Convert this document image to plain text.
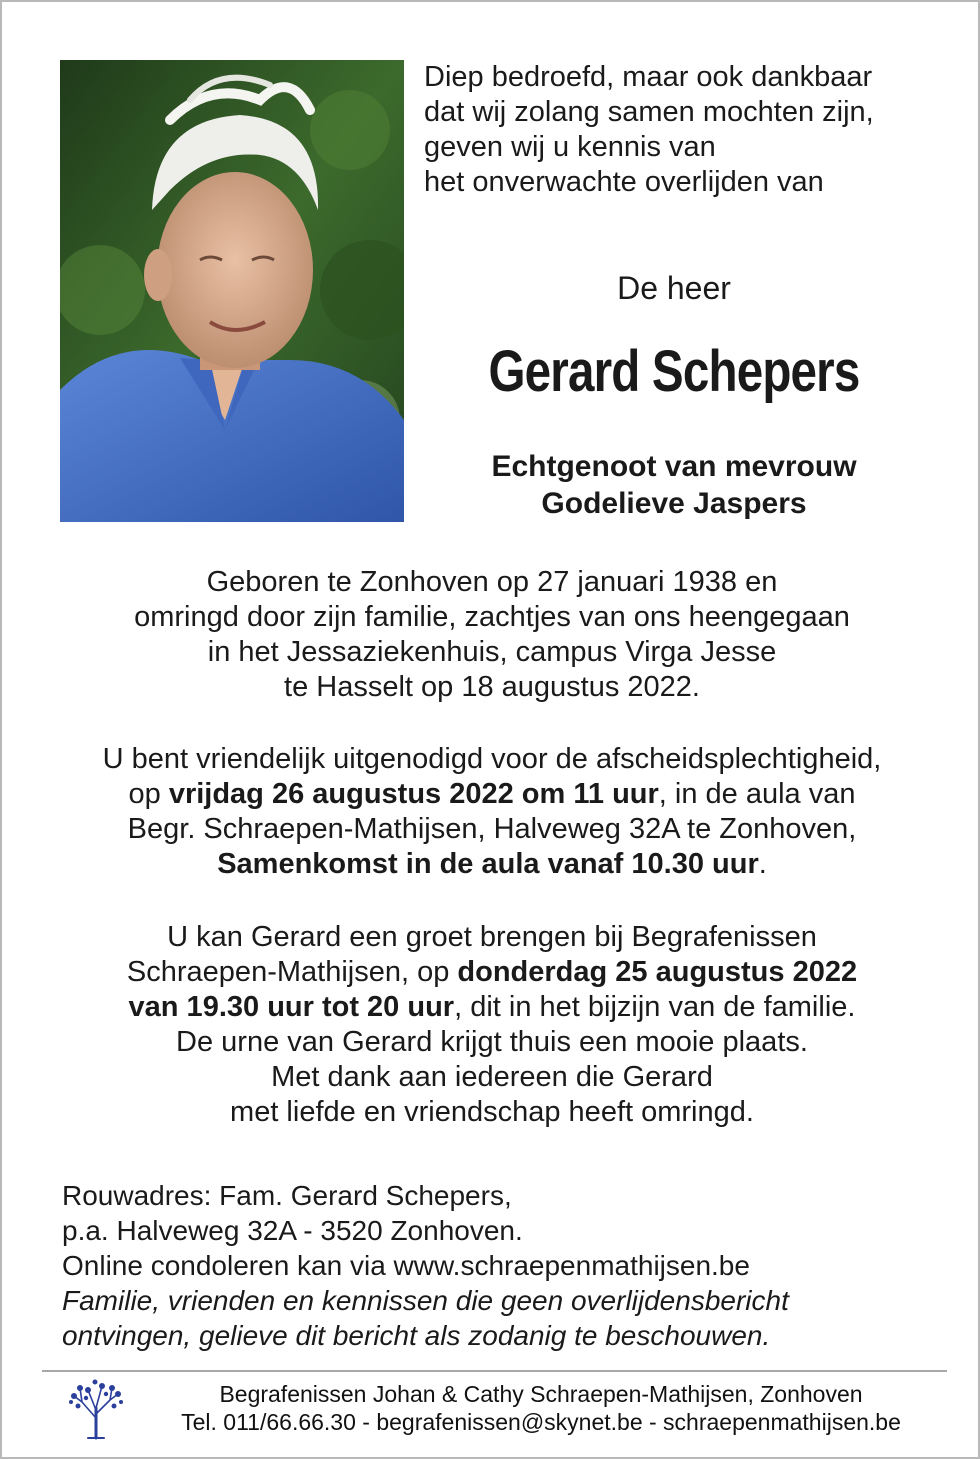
Diep bedroefd, maar ook dankbaar
dat wij zolang samen mochten zijn,
geven wij u kennis van
het onverwachte overlijden van
De heer
Gerard Schepers
Echtgenoot van mevrouw
Godelieve Jaspers
Geboren te Zonhoven op 27 januari 1938 en
omringd door zijn familie, zachtjes van ons heengegaan
in het Jessaziekenhuis, campus Virga Jesse
te Hasselt op 18 augustus 2022.
U bent vriendelijk uitgenodigd voor de afscheidsplechtigheid,
op vrijdag 26 augustus 2022 om 11 uur, in de aula van
Begr. Schraepen-Mathijsen, Halveweg 32A te Zonhoven,
Samenkomst in de aula vanaf 10.30 uur.
U kan Gerard een groet brengen bij Begrafenissen
Schraepen-Mathijsen, op donderdag 25 augustus 2022
van 19.30 uur tot 20 uur, dit in het bijzijn van de familie.
De urne van Gerard krijgt thuis een mooie plaats.
Met dank aan iedereen die Gerard
met liefde en vriendschap heeft omringd.
Rouwadres: Fam. Gerard Schepers,
p.a. Halveweg 32A - 3520 Zonhoven.
Online condoleren kan via www.schraepenmathijsen.be
Familie, vrienden en kennissen die geen overlijdensbericht
ontvingen, gelieve dit bericht als zodanig te beschouwen.
Begrafenissen Johan & Cathy Schraepen-Mathijsen, Zonhoven
Tel. 011/66.66.30 - begrafenissen@skynet.be - schraepenmathijsen.be
